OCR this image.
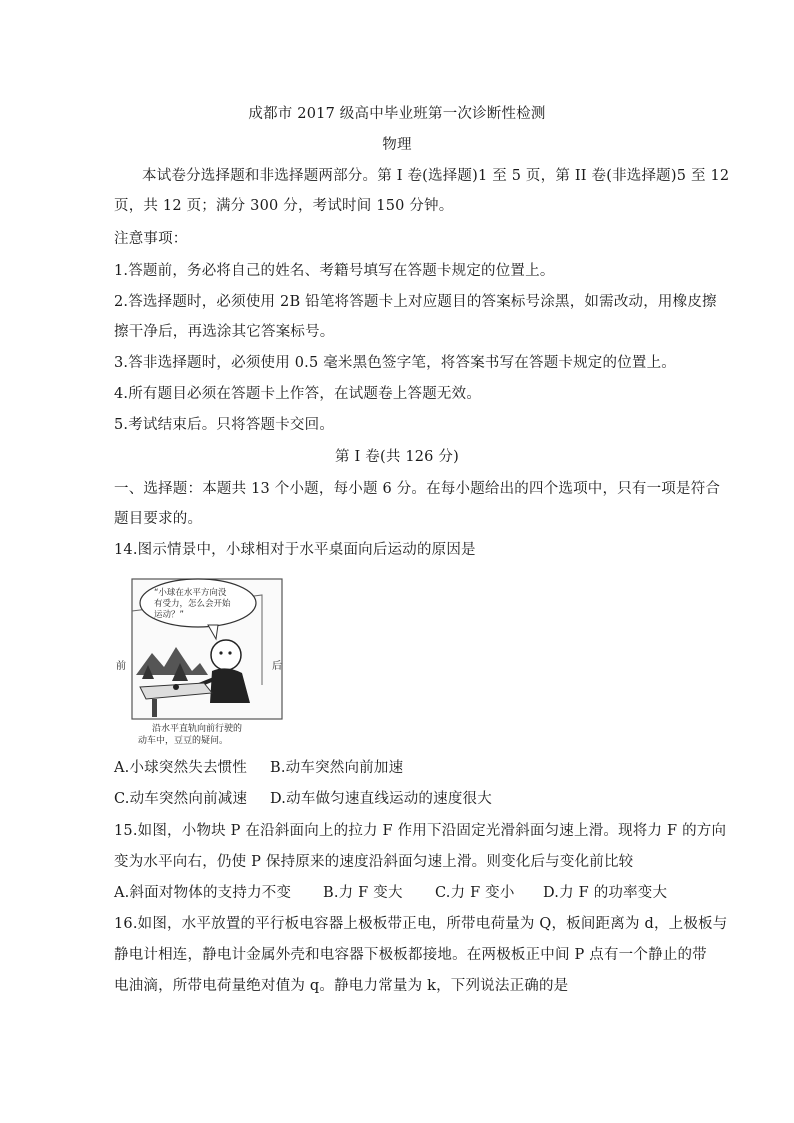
成都市 2017 级高中毕业班第一次诊断性检测
物理
本试卷分选择题和非选择题两部分。第 I 卷(选择题)1 至 5 页，第 II 卷(非选择题)5 至 12
页，共 12 页；满分 300 分，考试时间 150 分钟。
注意事项：
1.答题前，务必将自己的姓名、考籍号填写在答题卡规定的位置上。
2.答选择题时，必须使用 2B 铅笔将答题卡上对应题目的答案标号涂黑，如需改动，用橡皮擦
擦干净后，再选涂其它答案标号。
3.答非选择题时，必须使用 0.5 毫米黑色签字笔，将答案书写在答题卡规定的位置上。
4.所有题目必须在答题卡上作答，在试题卷上答题无效。
5.考试结束后。只将答题卡交回。
第 I 卷(共 126 分)
一、选择题：本题共 13 个小题，每小题 6 分。在每小题给出的四个选项中，只有一项是符合
题目要求的。
14.图示情景中，小球相对于水平桌面向后运动的原因是
“小球在水平方向没
有受力，怎么会开始
运动？”
前	后
沿水平直轨向前行驶的
动车中，豆豆的疑问。
A.小球突然失去惯性 B.动车突然向前加速
C.动车突然向前减速 D.动车做匀速直线运动的速度很大
15.如图，小物块 P 在沿斜面向上的拉力 F 作用下沿固定光滑斜面匀速上滑。现将力 F 的方向
变为水平向右，仍使 P 保持原来的速度沿斜面匀速上滑。则变化后与变化前比较
A.斜面对物体的支持力不变 B.力 F 变大 C.力 F 变小 D.力 F 的功率变大
16.如图，水平放置的平行板电容器上极板带正电，所带电荷量为 Q，板间距离为 d，上极板与
静电计相连，静电计金属外壳和电容器下极板都接地。在两极板正中间 P 点有一个静止的带
电油滴，所带电荷量绝对值为 q。静电力常量为 k，下列说法正确的是
